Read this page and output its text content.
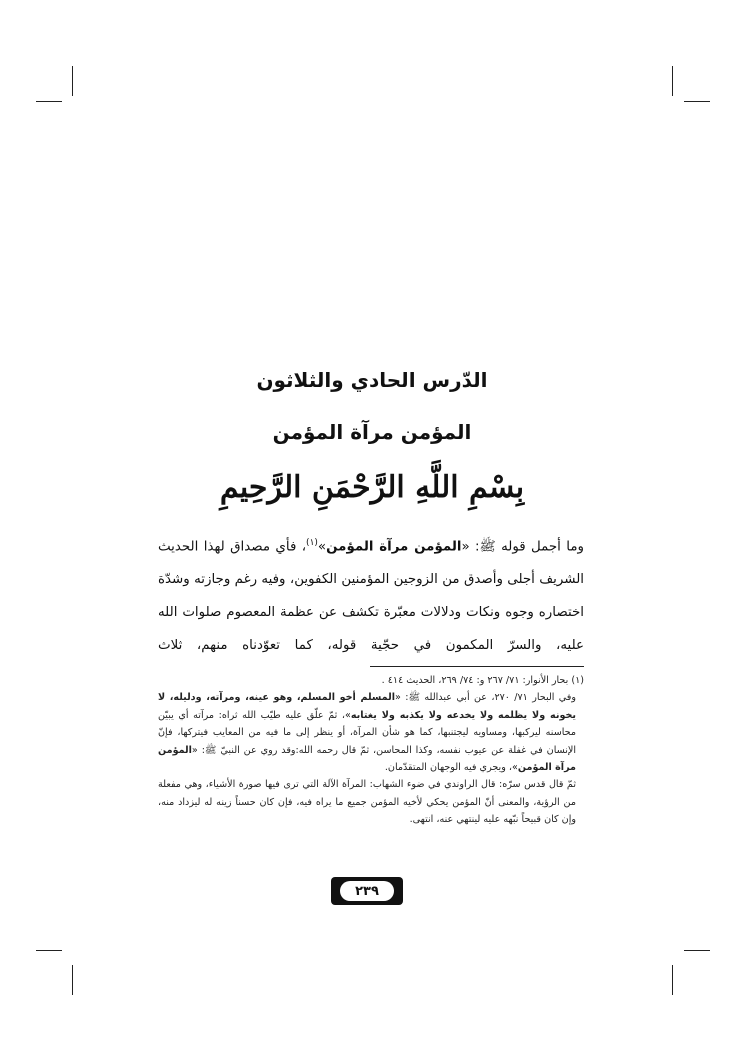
الدّرس الحادي والثلاثون
المؤمن مرآة المؤمن
بِسْمِ اللَّهِ الرَّحْمَنِ الرَّحِيمِ

وما أجمل قوله ﷺ: «المؤمن مرآة المؤمن»$^{(١)}$، فأي مصداق لهذا الحديث الشريف أجلى وأصدق من الزوجين المؤمنين الكفوين، وفيه رغم وجازته وشدّة اختصاره وجوه ونكات ودلالات معبّرة تكشف عن عظمة المعصوم صلوات الله عليه، والسرّ المكمون في حجّية قوله، كما تعوّدناه منهم، ثلاث

(١) بحار الأنوار: ٧١/ ٢٦٧ و: ٧٤/ ٢٦٩، الحديث ٤١٤ .

وفي البحار ٧١/ ٢٧٠، عن أبي عبدالله ﷺ: «المسلم أخو المسلم، وهو عينه، ومرآته، ودليله، لا يخونه ولا يظلمه ولا يخدعه ولا يكذبه ولا يغتابه»، ثمّ علّق عليه طيّب الله ثراه: مرآته أي يبيّن محاسنه ليركبها، ومساويه ليجتنبها، كما هو شأن المرآة، أو ينظر إلى ما فيه من المعايب فيتركها، فإنّ الإنسان في غفلة عن عيوب نفسه، وكذا المحاسن، ثمّ قال رحمه الله:وقد روي عن النبيّ ﷺ: «المؤمن مرآة المؤمن»، ويجري فيه الوجهان المتقدّمان.

ثمّ قال قدس سرّه: قال الراوندي في ضوء الشهاب: المرآة الآلة التي ترى فيها صورة الأشياء، وهي مفعلة من الرؤية، والمعنى أنّ المؤمن يحكي لأخيه المؤمن جميع ما يراه فيه، فإن كان حسناً زينه له ليزداد منه، وإن كان قبيحاً نبّهه عليه لينتهي عنه، انتهى.

٢٣٩
